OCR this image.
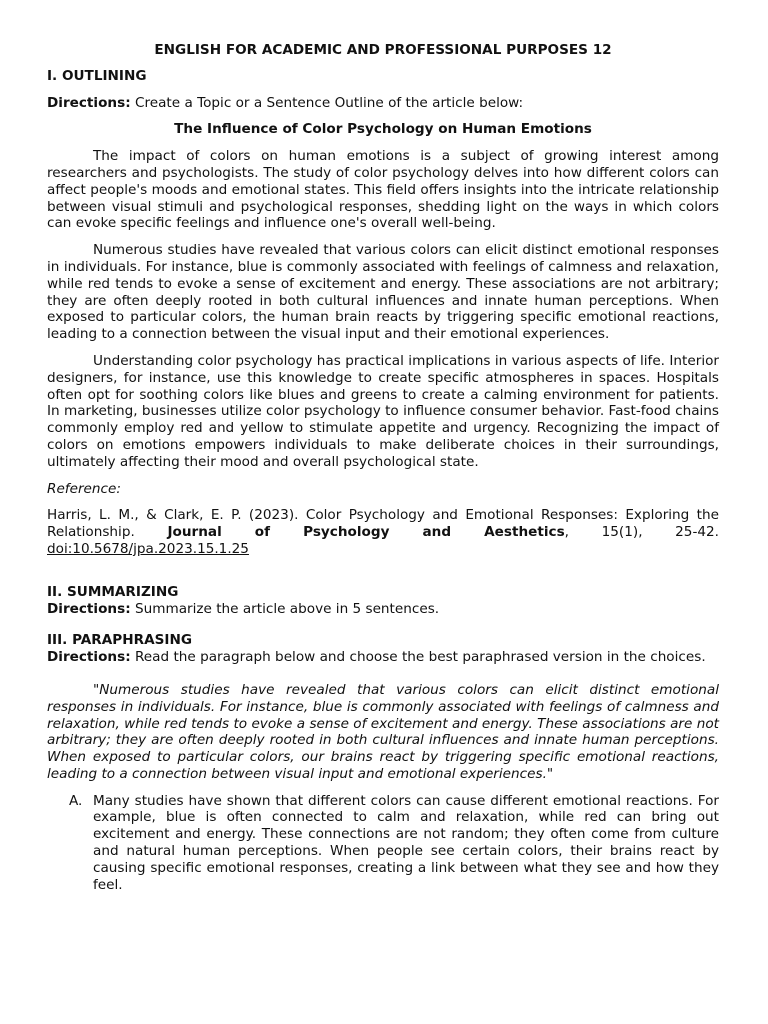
ENGLISH FOR ACADEMIC AND PROFESSIONAL PURPOSES 12

I. OUTLINING

Directions: Create a Topic or a Sentence Outline of the article below:

The Influence of Color Psychology on Human Emotions

The impact of colors on human emotions is a subject of growing interest among researchers and psychologists. The study of color psychology delves into how different colors can affect people's moods and emotional states. This field offers insights into the intricate relationship between visual stimuli and psychological responses, shedding light on the ways in which colors can evoke specific feelings and influence one's overall well-being.

Numerous studies have revealed that various colors can elicit distinct emotional responses in individuals. For instance, blue is commonly associated with feelings of calmness and relaxation, while red tends to evoke a sense of excitement and energy. These associations are not arbitrary; they are often deeply rooted in both cultural influences and innate human perceptions. When exposed to particular colors, the human brain reacts by triggering specific emotional reactions, leading to a connection between the visual input and their emotional experiences.

Understanding color psychology has practical implications in various aspects of life. Interior designers, for instance, use this knowledge to create specific atmospheres in spaces. Hospitals often opt for soothing colors like blues and greens to create a calming environment for patients. In marketing, businesses utilize color psychology to influence consumer behavior. Fast-food chains commonly employ red and yellow to stimulate appetite and urgency. Recognizing the impact of colors on emotions empowers individuals to make deliberate choices in their surroundings, ultimately affecting their mood and overall psychological state.

Reference:

Harris, L. M., & Clark, E. P. (2023). Color Psychology and Emotional Responses: Exploring the

Relationship. Journal of Psychology and Aesthetics, 15(1), 25-42.

doi:10.5678/jpa.2023.15.1.25

II. SUMMARIZING

Directions: Summarize the article above in 5 sentences.

III. PARAPHRASING

Directions: Read the paragraph below and choose the best paraphrased version in the choices.

"Numerous studies have revealed that various colors can elicit distinct emotional responses in individuals. For instance, blue is commonly associated with feelings of calmness and relaxation, while red tends to evoke a sense of excitement and energy. These associations are not arbitrary; they are often deeply rooted in both cultural influences and innate human perceptions. When exposed to particular colors, our brains react by triggering specific emotional reactions, leading to a connection between visual input and emotional experiences."

A. Many studies have shown that different colors can cause different emotional reactions. For example, blue is often connected to calm and relaxation, while red can bring out excitement and energy. These connections are not random; they often come from culture and natural human perceptions. When people see certain colors, their brains react by causing specific emotional responses, creating a link between what they see and how they feel.
